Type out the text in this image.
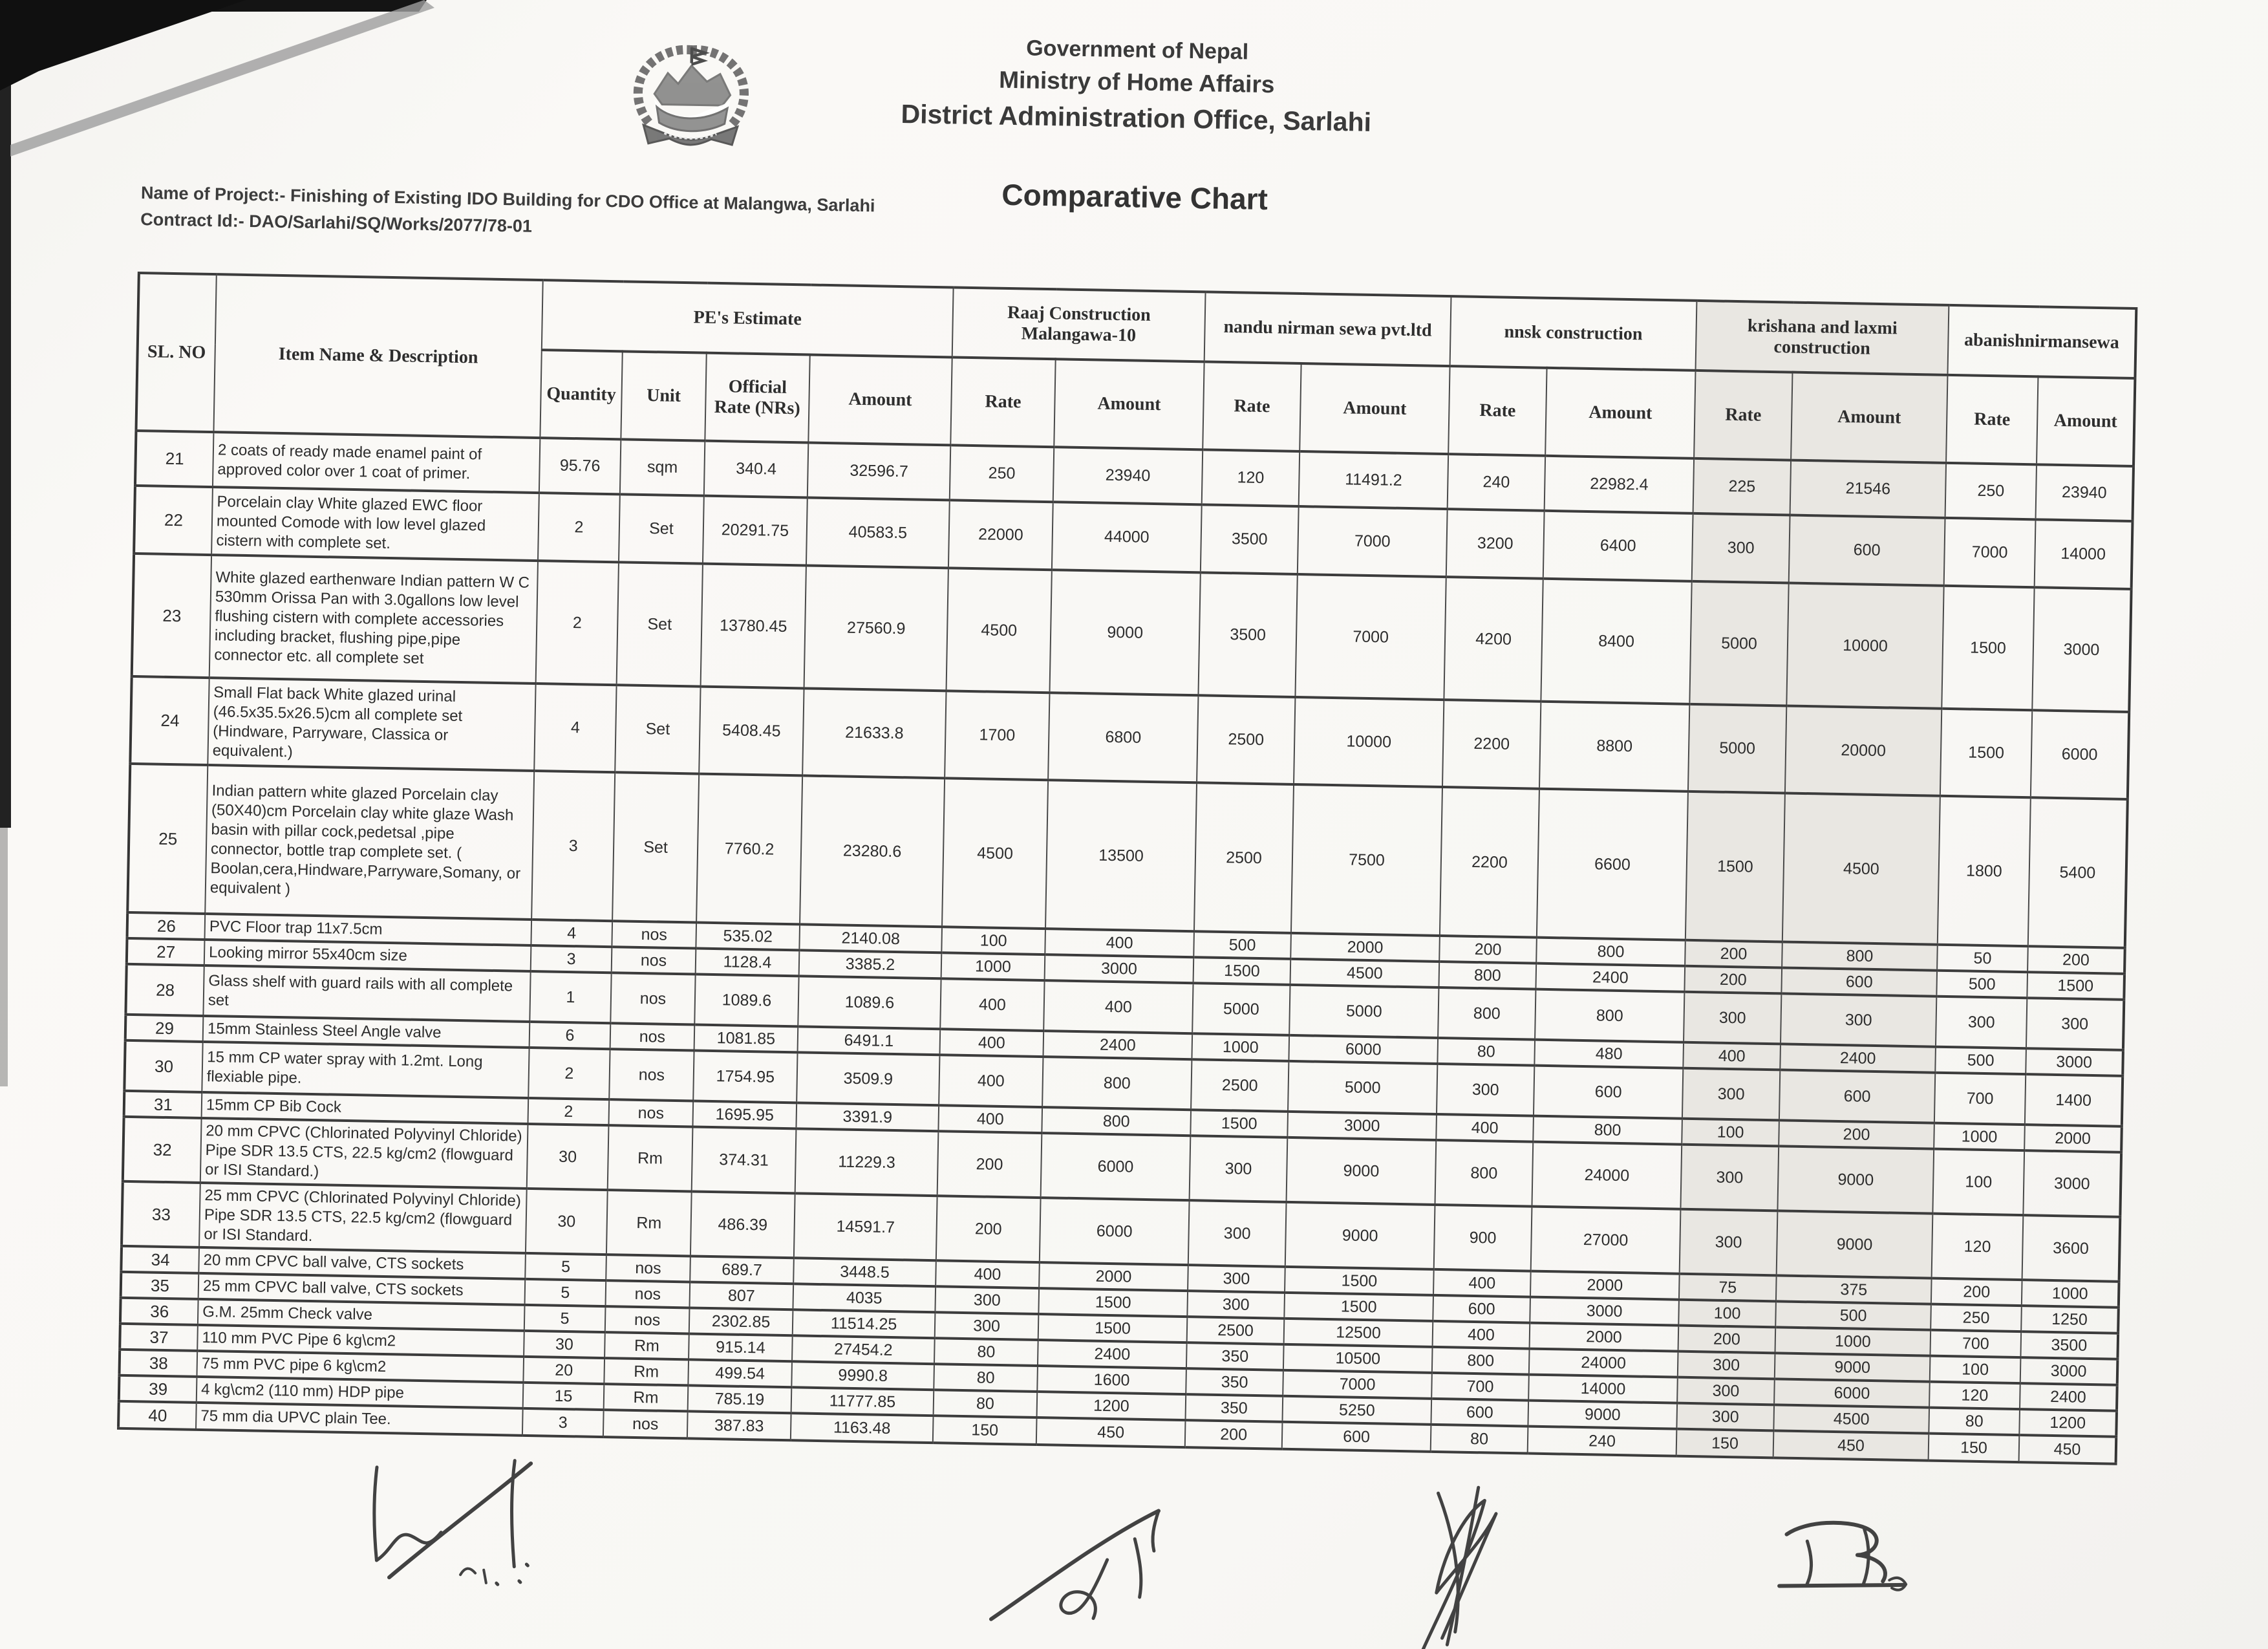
Government of Nepal
Ministry of Home Affairs
District Administration Office, Sarlahi
Comparative Chart
Name of Project:- Finishing of Existing IDO Building for CDO Office at Malangwa, Sarlahi
Contract Id:- DAO/Sarlahi/SQ/Works/2077/78-01
SL. NO	Item Name & Description	PE's Estimate				Raaj Construction Malangawa-10		nandu nirman sewa pvt.ltd		nnsk construction		krishana and laxmi construction		abanishnirmansewa	
		Quantity	Unit	Official Rate (NRs)	Amount	Rate	Amount	Rate	Amount	Rate	Amount	Rate	Amount	Rate	Amount
21	2 coats of ready made enamel paint of approved color over 1 coat of primer.	95.76	sqm	340.4	32596.7	250	23940	120	11491.2	240	22982.4	225	21546	250	23940
22	Porcelain clay White glazed EWC floor mounted Comode with low level glazed cistern with complete set.	2	Set	20291.75	40583.5	22000	44000	3500	7000	3200	6400	300	600	7000	14000
23	White glazed earthenware Indian pattern W C 530mm Orissa Pan with 3.0gallons low level flushing cistern with complete accessories including bracket, flushing pipe,pipe connector etc. all complete set	2	Set	13780.45	27560.9	4500	9000	3500	7000	4200	8400	5000	10000	1500	3000
24	Small Flat back White glazed urinal (46.5x35.5x26.5)cm all complete set (Hindware, Parryware, Classica or equivalent.)	4	Set	5408.45	21633.8	1700	6800	2500	10000	2200	8800	5000	20000	1500	6000
25	Indian pattern white glazed Porcelain clay (50X40)cm Porcelain clay white glaze Wash basin with pillar cock,pedetsal ,pipe connector, bottle trap complete set. ( Boolan,cera,Hindware,Parryware,Somany, or equivalent )	3	Set	7760.2	23280.6	4500	13500	2500	7500	2200	6600	1500	4500	1800	5400
26	PVC Floor trap 11x7.5cm	4	nos	535.02	2140.08	100	400	500	2000	200	800	200	800	50	200
27	Looking mirror 55x40cm size	3	nos	1128.4	3385.2	1000	3000	1500	4500	800	2400	200	600	500	1500
28	Glass shelf with guard rails with all complete set	1	nos	1089.6	1089.6	400	400	5000	5000	800	800	300	300	300	300
29	15mm Stainless Steel Angle valve	6	nos	1081.85	6491.1	400	2400	1000	6000	80	480	400	2400	500	3000
30	15 mm CP water spray with 1.2mt. Long flexiable pipe.	2	nos	1754.95	3509.9	400	800	2500	5000	300	600	300	600	700	1400
31	15mm CP Bib Cock	2	nos	1695.95	3391.9	400	800	1500	3000	400	800	100	200	1000	2000
32	20 mm CPVC (Chlorinated Polyvinyl Chloride) Pipe SDR 13.5 CTS, 22.5 kg/cm2 (flowguard or ISI Standard.)	30	Rm	374.31	11229.3	200	6000	300	9000	800	24000	300	9000	100	3000
33	25 mm CPVC (Chlorinated Polyvinyl Chloride) Pipe SDR 13.5 CTS, 22.5 kg/cm2 (flowguard or ISI Standard.	30	Rm	486.39	14591.7	200	6000	300	9000	900	27000	300	9000	120	3600
34	20 mm CPVC ball valve, CTS sockets	5	nos	689.7	3448.5	400	2000	300	1500	400	2000	75	375	200	1000
35	25 mm CPVC ball valve, CTS sockets	5	nos	807	4035	300	1500	300	1500	600	3000	100	500	250	1250
36	G.M. 25mm Check valve	5	nos	2302.85	11514.25	300	1500	2500	12500	400	2000	200	1000	700	3500
37	110 mm PVC Pipe 6 kg\cm2	30	Rm	915.14	27454.2	80	2400	350	10500	800	24000	300	9000	100	3000
38	75 mm PVC pipe 6 kg\cm2	20	Rm	499.54	9990.8	80	1600	350	7000	700	14000	300	6000	120	2400
39	4 kg\cm2 (110 mm) HDP pipe	15	Rm	785.19	11777.85	80	1200	350	5250	600	9000	300	4500	80	1200
40	75 mm dia UPVC plain Tee.	3	nos	387.83	1163.48	150	450	200	600	80	240	150	450	150	450
